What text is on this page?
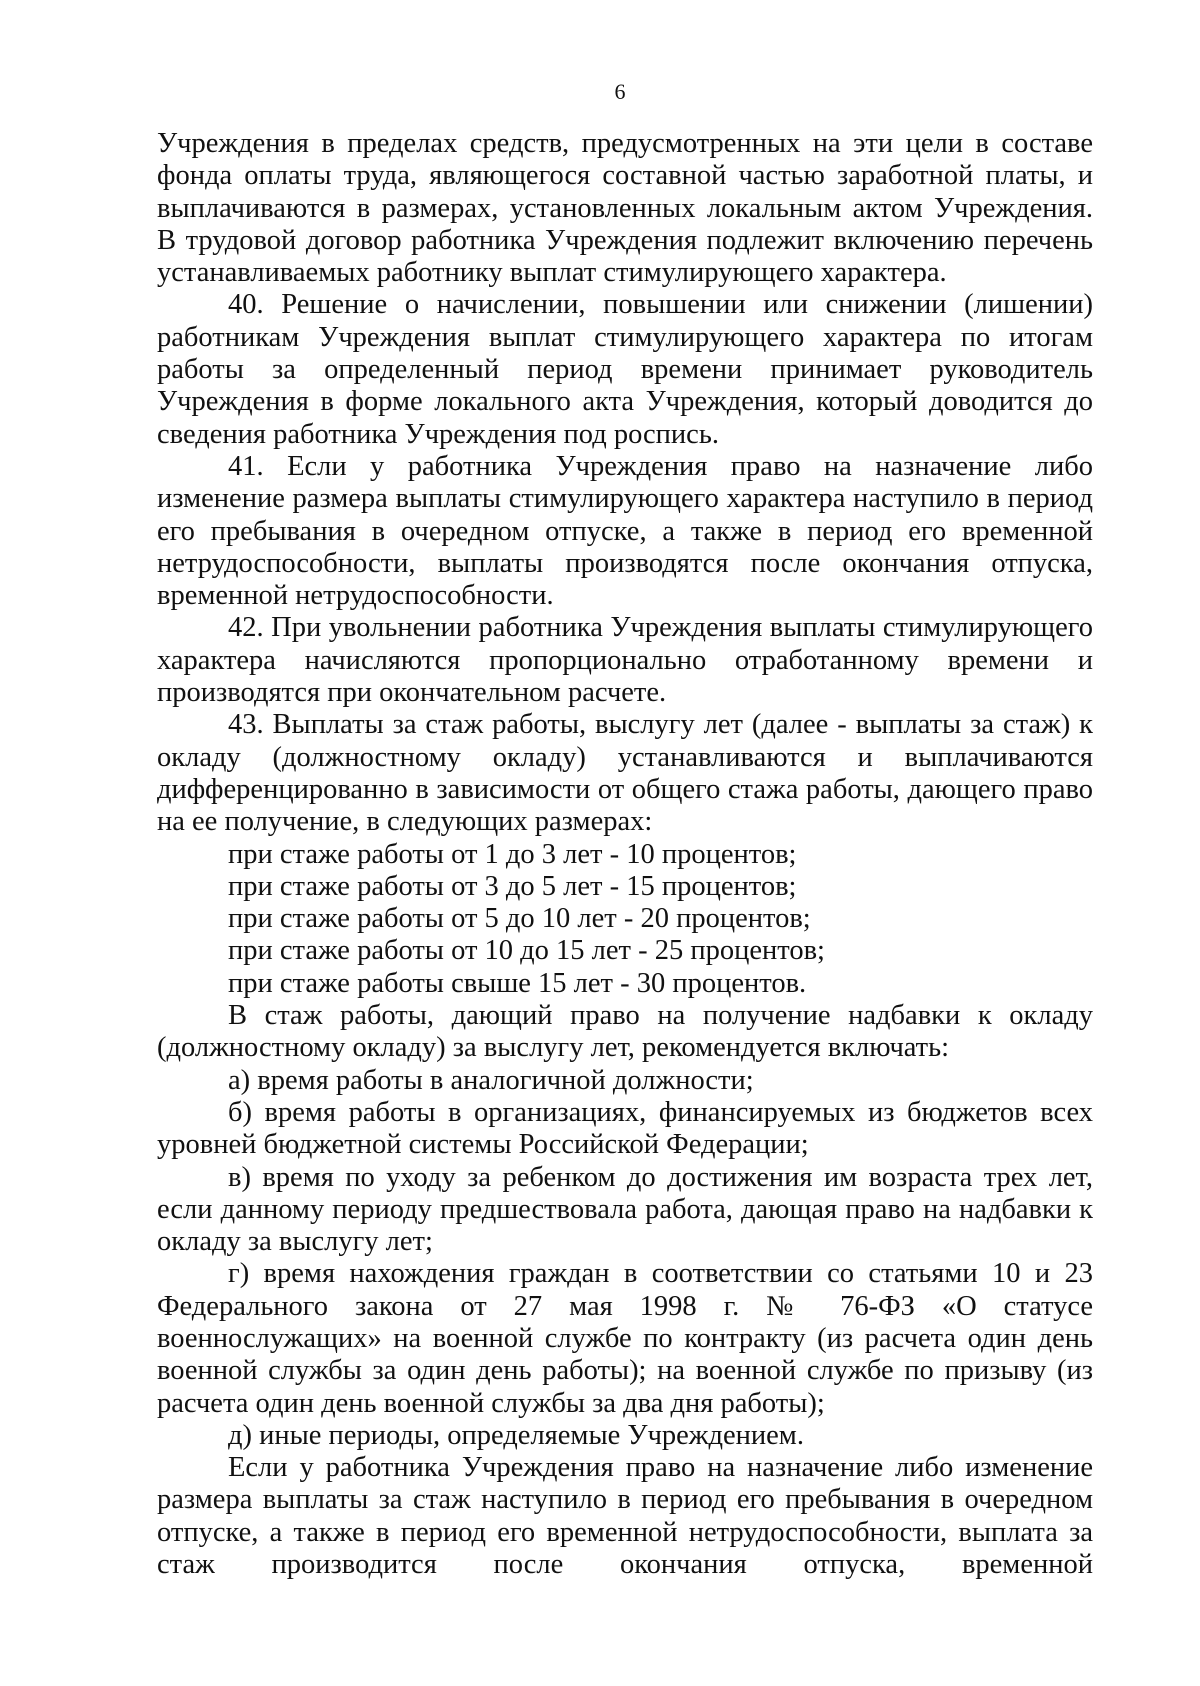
6

Учреждения в пределах средств, предусмотренных на эти цели в составе фонда оплаты труда, являющегося составной частью заработной платы, и выплачиваются в размерах, установленных локальным актом Учреждения. В трудовой договор работника Учреждения подлежит включению перечень устанавливаемых работнику выплат стимулирующего характера.

40. Решение о начислении, повышении или снижении (лишении) работникам Учреждения выплат стимулирующего характера по итогам работы за определенный период времени принимает руководитель Учреждения в форме локального акта Учреждения, который доводится до сведения работника Учреждения под роспись.

41. Если у работника Учреждения право на назначение либо изменение размера выплаты стимулирующего характера наступило в период его пребывания в очередном отпуске, а также в период его временной нетрудоспособности, выплаты производятся после окончания отпуска, временной нетрудоспособности.

42. При увольнении работника Учреждения выплаты стимулирующего характера начисляются пропорционально отработанному времени и производятся при окончательном расчете.

43. Выплаты за стаж работы, выслугу лет (далее - выплаты за стаж) к окладу (должностному окладу) устанавливаются и выплачиваются дифференцированно в зависимости от общего стажа работы, дающего право на ее получение, в следующих размерах:

при стаже работы от 1 до 3 лет - 10 процентов;

при стаже работы от 3 до 5 лет - 15 процентов;

при стаже работы от 5 до 10 лет - 20 процентов;

при стаже работы от 10 до 15 лет - 25 процентов;

при стаже работы свыше 15 лет - 30 процентов.

В стаж работы, дающий право на получение надбавки к окладу (должностному окладу) за выслугу лет, рекомендуется включать:

а) время работы в аналогичной должности;

б) время работы в организациях, финансируемых из бюджетов всех уровней бюджетной системы Российской Федерации;

в) время по уходу за ребенком до достижения им возраста трех лет, если данному периоду предшествовала работа, дающая право на надбавки к окладу за выслугу лет;

г) время нахождения граждан в соответствии со статьями 10 и 23 Федерального закона от 27 мая 1998 г. № 76-ФЗ «О статусе военнослужащих» на военной службе по контракту (из расчета один день военной службы за один день работы); на военной службе по призыву (из расчета один день военной службы за два дня работы);

д) иные периоды, определяемые Учреждением.

Если у работника Учреждения право на назначение либо изменение размера выплаты за стаж наступило в период его пребывания в очередном отпуске, а также в период его временной нетрудоспособности, выплата за стаж производится после окончания отпуска, временной
